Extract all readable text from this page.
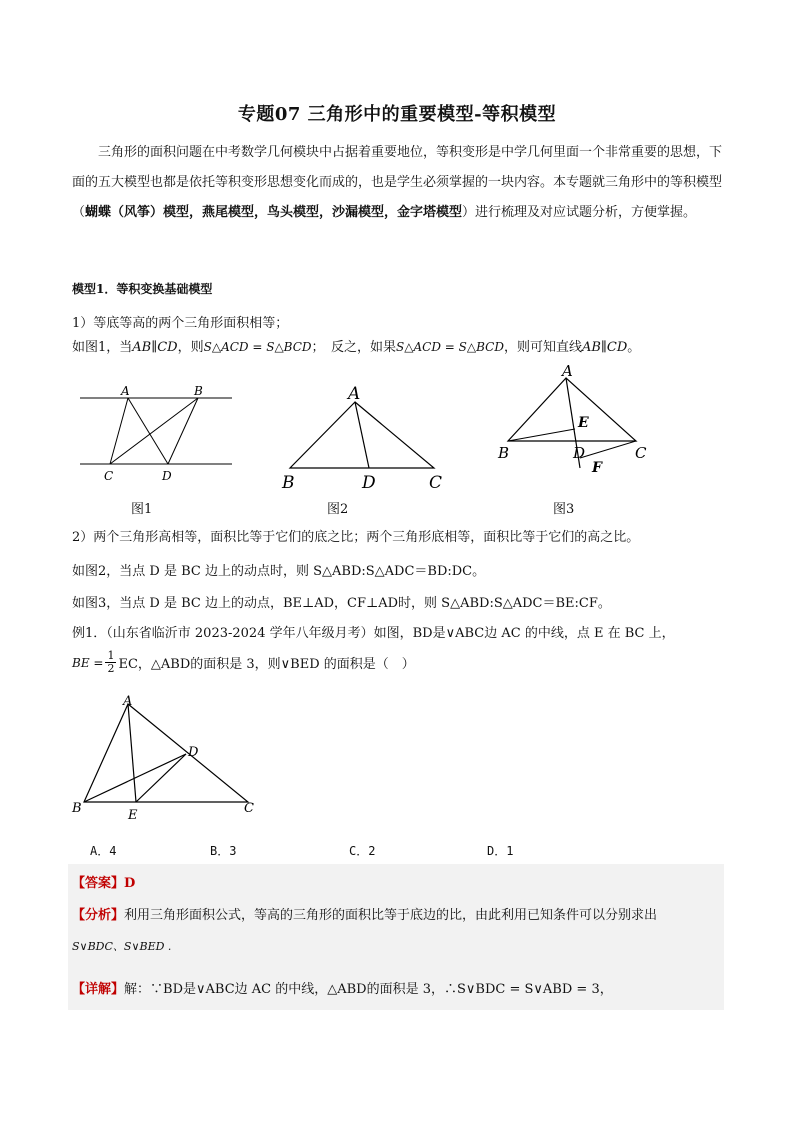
专题07 三角形中的重要模型-等积模型
三角形的面积问题在中考数学几何模块中占据着重要地位，等积变形是中学几何里面一个非常重要的思想，下面的五大模型也都是依托等积变形思想变化而成的，也是学生必须掌握的一块内容。本专题就三角形中的等积模型（蝴蝶（风筝）模型，燕尾模型，鸟头模型，沙漏模型，金字塔模型）进行梳理及对应试题分析，方便掌握。
模型1．等积变换基础模型
1）等底等高的两个三角形面积相等；
如图1，当AB∥CD，则S△ACD = S△BCD；　反之，如果S△ACD = S△BCD，则可知直线AB∥CD。
A	B
C	D
A
B	D	C
A
E
B	D	C
F
图1	图2	图3
2）两个三角形高相等，面积比等于它们的底之比；两个三角形底相等，面积比等于它们的高之比。
如图2，当点 D 是 BC 边上的动点时，则 S△ABD:S△ADC＝BD:DC。
如图3，当点 D 是 BC 边上的动点，BE⊥AD，CF⊥AD时，则 S△ABD:S△ADC＝BE:CF。
例1．（山东省临沂市 2023-2024 学年八年级月考）如图，BD是∨ABC边 AC 的中线，点 E 在 BC 上，
BE = $\frac{1}{2}$ EC，△ABD的面积是 3，则∨BED 的面积是（　）
A
D
B	E	C
A．4	B．3	C．2	D．1
【答案】D
【分析】利用三角形面积公式，等高的三角形的面积比等于底边的比，由此利用已知条件可以分别求出
S∨BDC、S∨BED .
【详解】解：∵BD是∨ABC边 AC 的中线，△ABD的面积是 3，∴S∨BDC = S∨ABD = 3，
